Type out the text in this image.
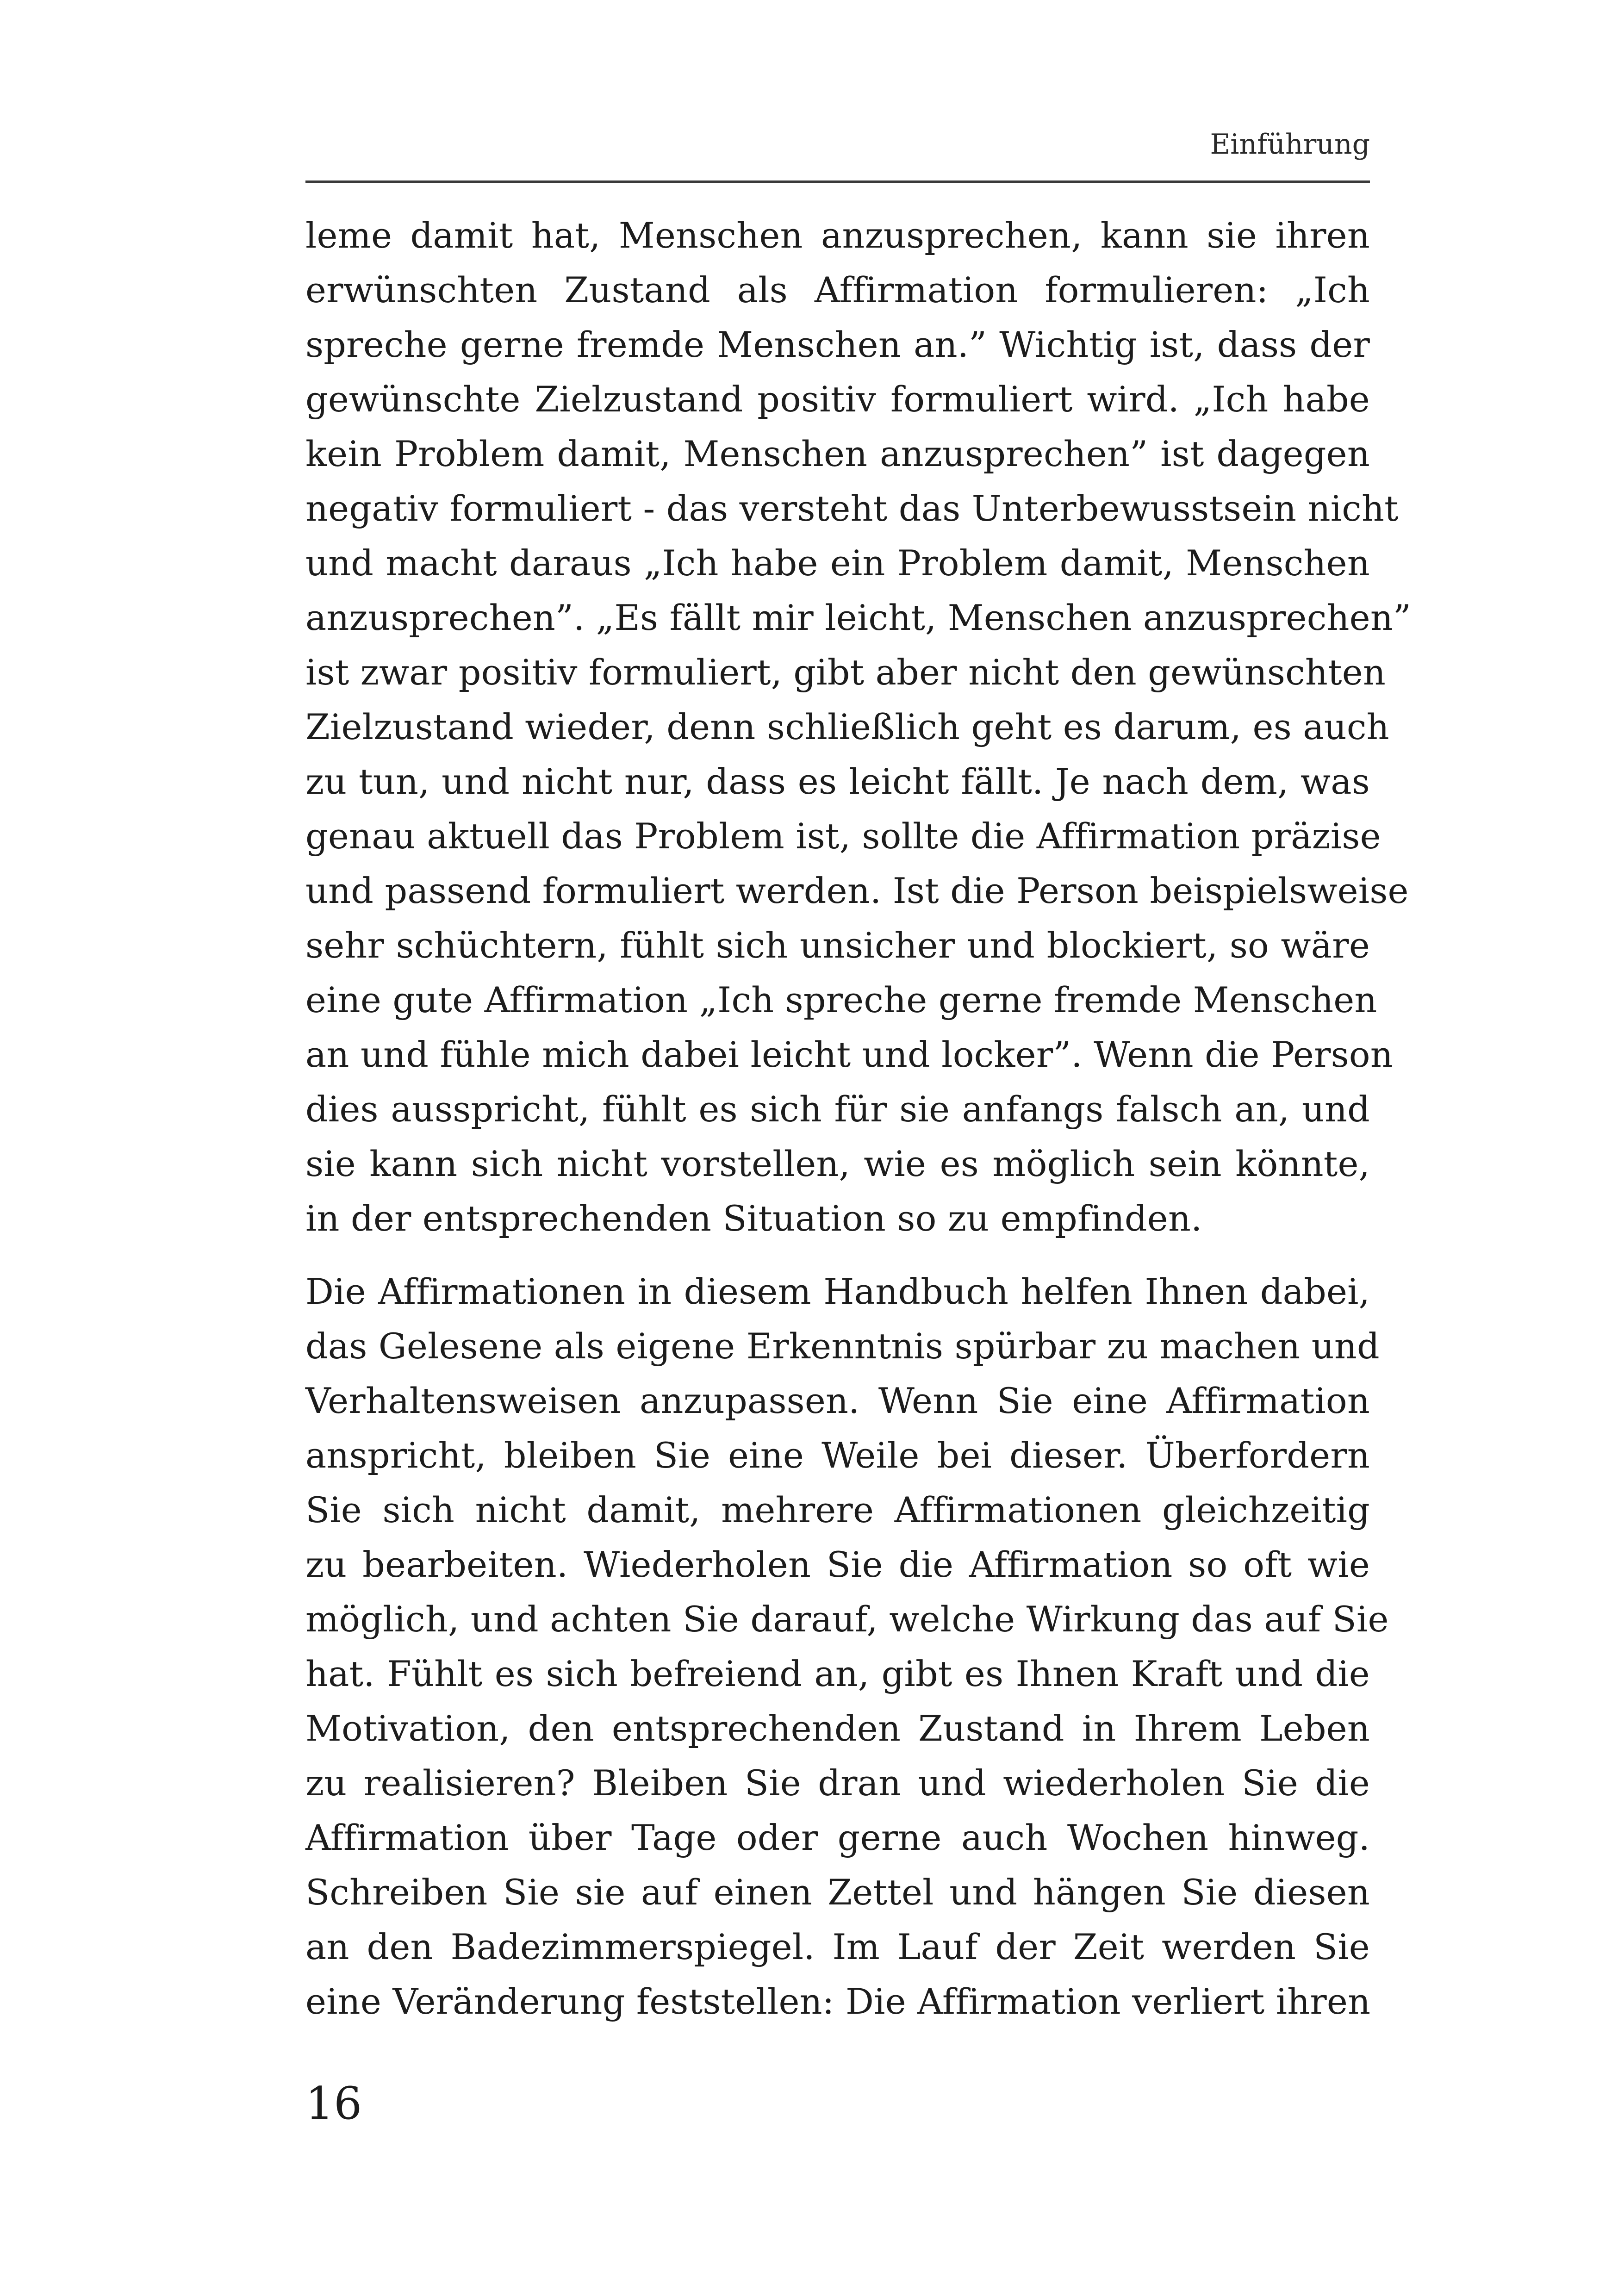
Einführung

leme damit hat, Menschen anzusprechen, kann sie ihren
erwünschten Zustand als Affirmation formulieren: „Ich
spreche gerne fremde Menschen an.” Wichtig ist, dass der
gewünschte Zielzustand positiv formuliert wird. „Ich habe
kein Problem damit, Menschen anzusprechen” ist dagegen
negativ formuliert - das versteht das Unterbewusstsein nicht
und macht daraus „Ich habe ein Problem damit, Menschen
anzusprechen”. „Es fällt mir leicht, Menschen anzusprechen”
ist zwar positiv formuliert, gibt aber nicht den gewünschten
Zielzustand wieder, denn schließlich geht es darum, es auch
zu tun, und nicht nur, dass es leicht fällt. Je nach dem, was
genau aktuell das Problem ist, sollte die Affirmation präzise
und passend formuliert werden. Ist die Person beispielsweise
sehr schüchtern, fühlt sich unsicher und blockiert, so wäre
eine gute Affirmation „Ich spreche gerne fremde Menschen
an und fühle mich dabei leicht und locker”. Wenn die Person
dies ausspricht, fühlt es sich für sie anfangs falsch an, und
sie kann sich nicht vorstellen, wie es möglich sein könnte,
in der entsprechenden Situation so zu empfinden.

Die Affirmationen in diesem Handbuch helfen Ihnen dabei,
das Gelesene als eigene Erkenntnis spürbar zu machen und
Verhaltensweisen anzupassen. Wenn Sie eine Affirmation
anspricht, bleiben Sie eine Weile bei dieser. Überfordern
Sie sich nicht damit, mehrere Affirmationen gleichzeitig
zu bearbeiten. Wiederholen Sie die Affirmation so oft wie
möglich, und achten Sie darauf, welche Wirkung das auf Sie
hat. Fühlt es sich befreiend an, gibt es Ihnen Kraft und die
Motivation, den entsprechenden Zustand in Ihrem Leben
zu realisieren? Bleiben Sie dran und wiederholen Sie die
Affirmation über Tage oder gerne auch Wochen hinweg.
Schreiben Sie sie auf einen Zettel und hängen Sie diesen
an den Badezimmerspiegel. Im Lauf der Zeit werden Sie
eine Veränderung feststellen: Die Affirmation verliert ihren

16
